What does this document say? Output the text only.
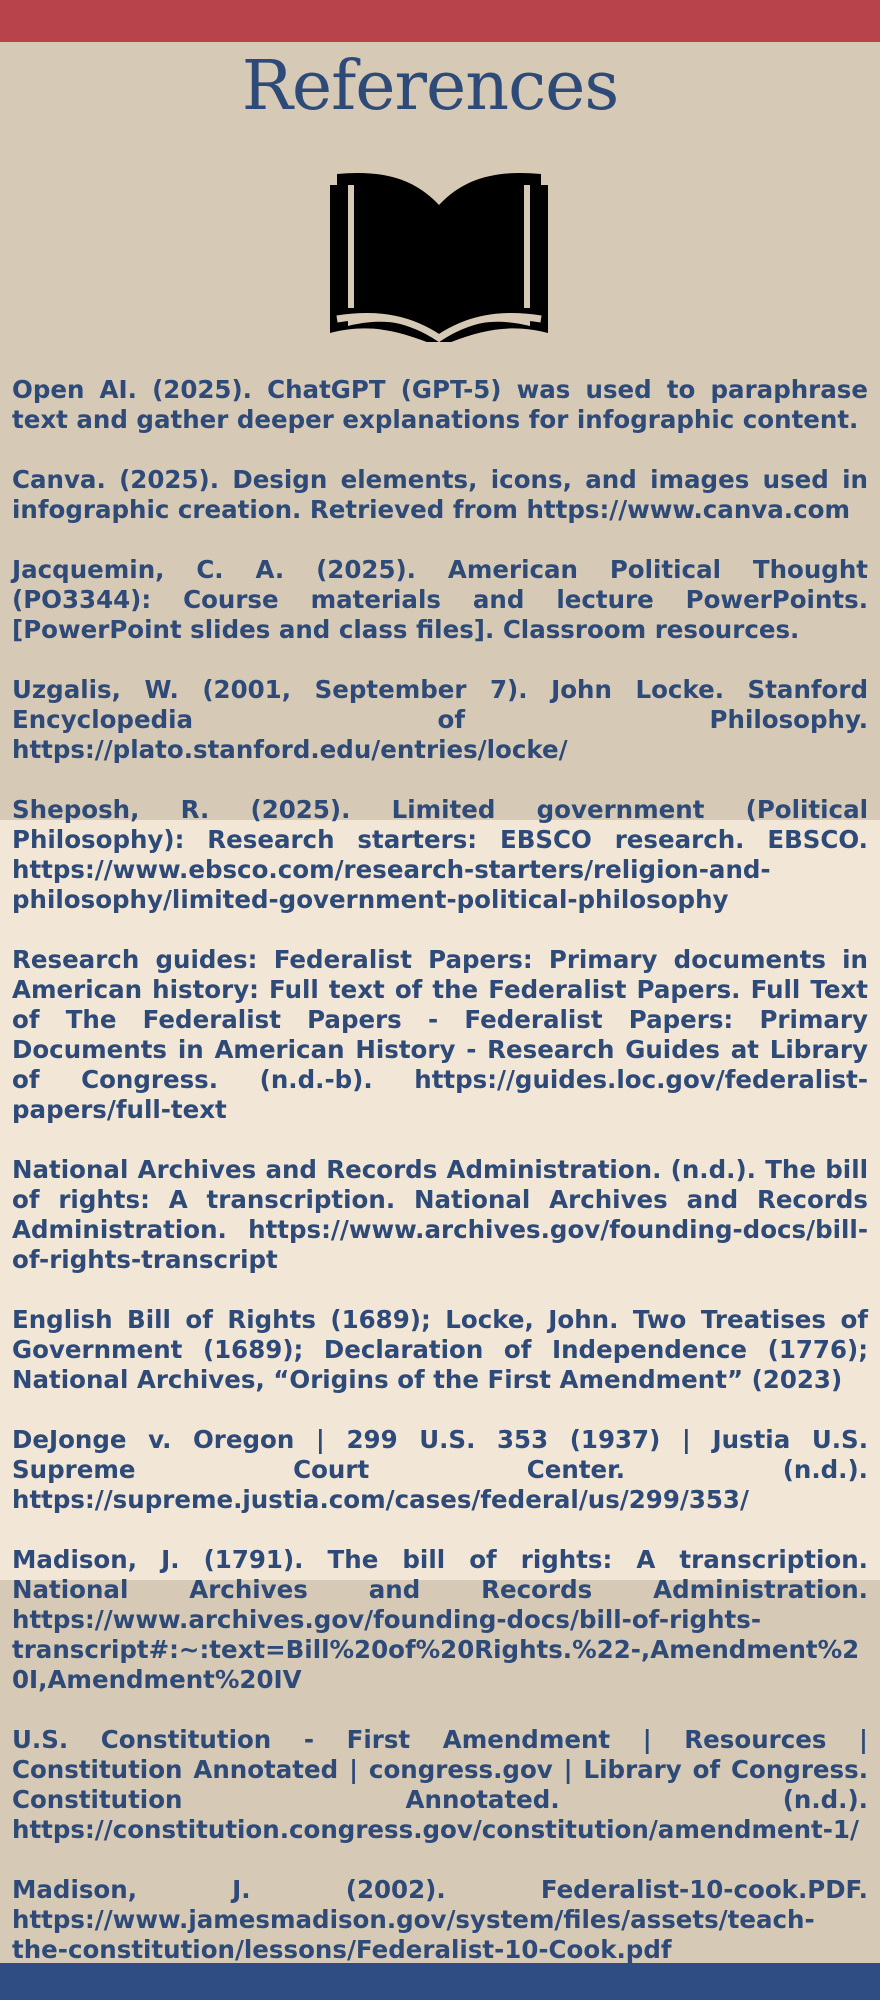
References
Open AI. (2025). ChatGPT (GPT-5) was used to paraphrase text and gather deeper explanations for infographic content.
Canva. (2025). Design elements, icons, and images used in infographic creation. Retrieved from https://www.canva.com
Jacquemin, C. A. (2025). American Political Thought (PO3344): Course materials and lecture PowerPoints. [PowerPoint slides and class files]. Classroom resources.
Uzgalis, W. (2001, September 7). John Locke. Stanford Encyclopedia of Philosophy. https://plato.stanford.edu/entries/locke/
Sheposh, R. (2025). Limited government (Political Philosophy): Research starters: EBSCO research. EBSCO. https://www.ebsco.com/research-starters/religion-and-philosophy/limited-government-political-philosophy
Research guides: Federalist Papers: Primary documents in American history: Full text of the Federalist Papers. Full Text of The Federalist Papers - Federalist Papers: Primary Documents in American History - Research Guides at Library of Congress. (n.d.-b). https://guides.loc.gov/federalist-papers/full-text
National Archives and Records Administration. (n.d.). The bill of rights: A transcription. National Archives and Records Administration. https://www.archives.gov/founding-docs/bill-of-rights-transcript
English Bill of Rights (1689); Locke, John. Two Treatises of Government (1689); Declaration of Independence (1776); National Archives, “Origins of the First Amendment” (2023)
DeJonge v. Oregon | 299 U.S. 353 (1937) | Justia U.S. Supreme Court Center. (n.d.). https://supreme.justia.com/cases/federal/us/299/353/
Madison, J. (1791). The bill of rights: A transcription. National Archives and Records Administration. https://www.archives.gov/founding-docs/bill-of-rights-transcript#:~:text=Bill%20of%20Rights.%22-,Amendment%20I,Amendment%20IV
U.S. Constitution - First Amendment | Resources | Constitution Annotated | congress.gov | Library of Congress. Constitution Annotated. (n.d.). https://constitution.congress.gov/constitution/amendment-1/
Madison, J. (2002). Federalist-10-cook.PDF. https://www.jamesmadison.gov/system/files/assets/teach-the-constitution/lessons/Federalist-10-Cook.pdf
